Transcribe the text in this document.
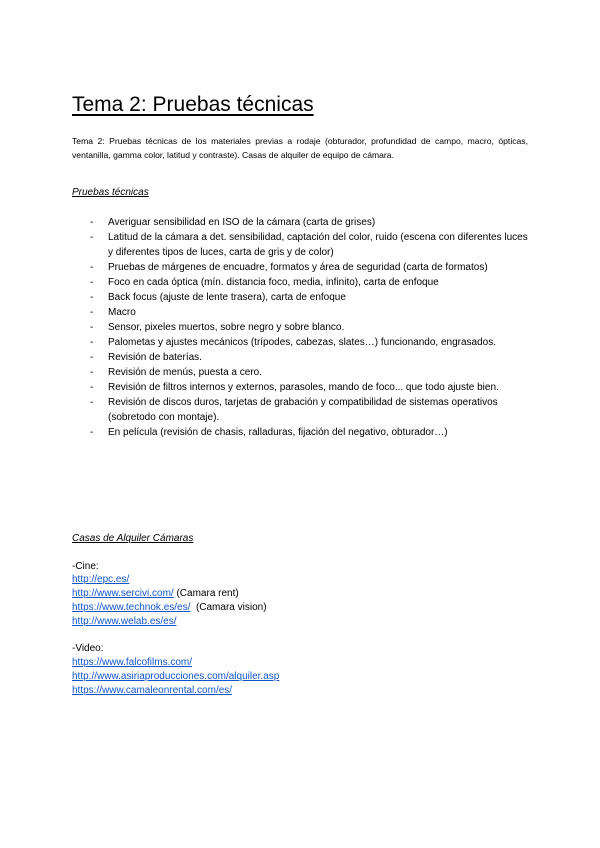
Tema 2: Pruebas técnicas
Tema 2: Pruebas técnicas de los materiales previas a rodaje (obturador, profundidad de campo, macro, ópticas, ventanilla, gamma color, latitud y contraste). Casas de alquiler de equipo de cámara.
Pruebas técnicas
- Averiguar sensibilidad en ISO de la cámara (carta de grises)
- Latitud de la cámara a det. sensibilidad, captación del color, ruido (escena con diferentes luces y diferentes tipos de luces, carta de gris y de color)
- Pruebas de márgenes de encuadre, formatos y área de seguridad (carta de formatos)
- Foco en cada óptica (mín. distancia foco, media, infinito), carta de enfoque
- Back focus (ajuste de lente trasera), carta de enfoque
- Macro
- Sensor, pixeles muertos, sobre negro y sobre blanco.
- Palometas y ajustes mecánicos (trípodes, cabezas, slates…) funcionando, engrasados.
- Revisión de baterías.
- Revisión de menús, puesta a cero.
- Revisión de filtros internos y externos, parasoles, mando de foco... que todo ajuste bien.
- Revisión de discos duros, tarjetas de grabación y compatibilidad de sistemas operativos (sobretodo con montaje).
- En película (revisión de chasis, ralladuras, fijación del negativo, obturador…)
Casas de Alquiler Cámaras
-Cine:
http://epc.es/
http://www.sercivi.com/ (Camara rent)
https://www.technok.es/es/  (Camara vision)
http://www.welab.es/es/
-Video:
https://www.falcofilms.com/
http://www.asiriaproducciones.com/alquiler.asp
https://www.camaleonrental.com/es/
